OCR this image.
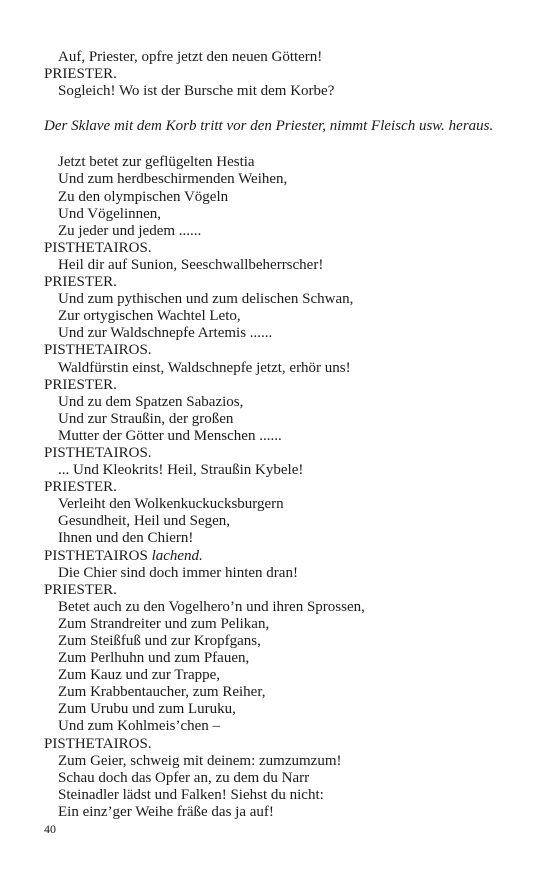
Auf, Priester, opfre jetzt den neuen Göttern!
PRIESTER.
Sogleich! Wo ist der Bursche mit dem Korbe?
Der Sklave mit dem Korb tritt vor den Priester, nimmt Fleisch usw. heraus.
Jetzt betet zur geflügelten Hestia
Und zum herdbeschirmenden Weihen,
Zu den olympischen Vögeln
Und Vögelinnen,
Zu jeder und jedem ......
PISTHETAIROS.
Heil dir auf Sunion, Seeschwallbeherrscher!
PRIESTER.
Und zum pythischen und zum delischen Schwan,
Zur ortygischen Wachtel Leto,
Und zur Waldschnepfe Artemis ......
PISTHETAIROS.
Waldfürstin einst, Waldschnepfe jetzt, erhör uns!
PRIESTER.
Und zu dem Spatzen Sabazios,
Und zur Straußin, der großen
Mutter der Götter und Menschen ......
PISTHETAIROS.
... Und Kleokrits! Heil, Straußin Kybele!
PRIESTER.
Verleiht den Wolkenkuckucksburgern
Gesundheit, Heil und Segen,
Ihnen und den Chiern!
PISTHETAIROS lachend.
Die Chier sind doch immer hinten dran!
PRIESTER.
Betet auch zu den Vogelhero’n und ihren Sprossen,
Zum Strandreiter und zum Pelikan,
Zum Steißfuß und zur Kropfgans,
Zum Perlhuhn und zum Pfauen,
Zum Kauz und zur Trappe,
Zum Krabbentaucher, zum Reiher,
Zum Urubu und zum Luruku,
Und zum Kohlmeis’chen –
PISTHETAIROS.
Zum Geier, schweig mit deinem: zumzumzum!
Schau doch das Opfer an, zu dem du Narr
Steinadler lädst und Falken! Siehst du nicht:
Ein einz’ger Weihe fräße das ja auf!
40
